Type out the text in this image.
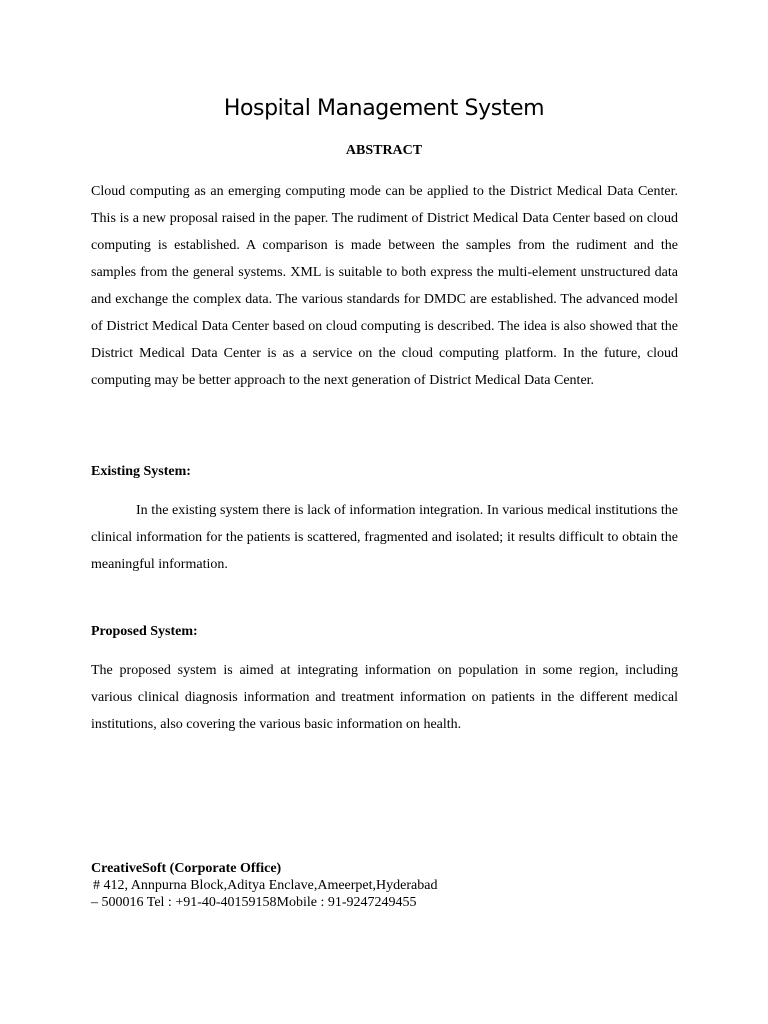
Hospital Management System
ABSTRACT

Cloud computing as an emerging computing mode can be applied to the District Medical Data Center. This is a new proposal raised in the paper. The rudiment of District Medical Data Center based on cloud computing is established. A comparison is made between the samples from the rudiment and the samples from the general systems. XML is suitable to both express the multi-element unstructured data and exchange the complex data. The various standards for DMDC are established. The advanced model of District Medical Data Center based on cloud computing is described. The idea is also showed that the District Medical Data Center is as a service on the cloud computing platform. In the future, cloud computing may be better approach to the next generation of District Medical Data Center.

Existing System:

In the existing system there is lack of information integration. In various medical institutions the clinical information for the patients is scattered, fragmented and isolated; it results difficult to obtain the meaningful information.

Proposed System:

The proposed system is aimed at integrating information on population in some region, including various clinical diagnosis information and treatment information on patients in the different medical institutions, also covering the various basic information on health.

CreativeSoft (Corporate Office)
# 412, Annpurna Block,Aditya Enclave,Ameerpet,Hyderabad
– 500016 Tel : +91-40-40159158Mobile : 91-9247249455
